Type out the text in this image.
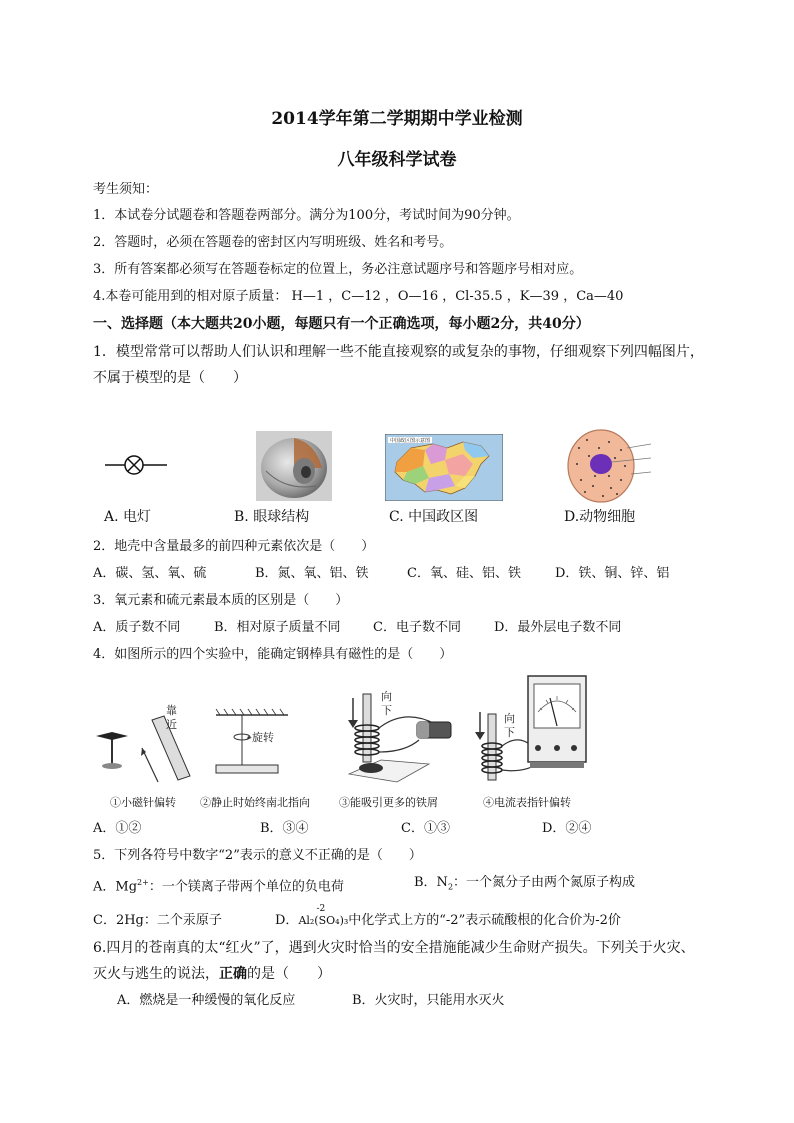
2014学年第二学期期中学业检测
八年级科学试卷
考生须知：
1．本试卷分试题卷和答题卷两部分。满分为100分，考试时间为90分钟。
2．答题时，必须在答题卷的密封区内写明班级、姓名和考号。
3．所有答案都必须写在答题卷标定的位置上，务必注意试题序号和答题序号相对应。
4.本卷可能用到的相对原子质量： H—1 ，C—12 ，O—16 ，Cl-35.5 ，K—39 ，Ca—40
一、选择题（本大题共20小题，每题只有一个正确选项，每小题2分，共40分）
1．模型常常可以帮助人们认识和理解一些不能直接观察的或复杂的事物，仔细观察下列四幅图片，
不属于模型的是（　　）
中国政区图示意图
A. 电灯	B. 眼球结构	C. 中国政区图	D.动物细胞
2．地壳中含量最多的前四种元素依次是（　　）
A．碳、氢、氧、硫	B．氮、氧、铝、铁	C．氧、硅、铝、铁	D．铁、铜、锌、铝
3．氧元素和硫元素最本质的区别是（　　）
A．质子数不同	B．相对原子质量不同 C．电子数不同	D．最外层电子数不同
4．如图所示的四个实验中，能确定钢棒具有磁性的是（　　）
靠
近
旋转
向
下
向
下
①小磁针偏转 ②静止时始终南北指向	③能吸引更多的铁屑	④电流表指针偏转
A．①②	B．③④	C．①③	D．②④
5．下列各符号中数字“2”表示的意义不正确的是（　　）
A．$Mg^{2+}$：一个镁离子带两个单位的负电荷	B．$N_2$：一个氮分子由两个氮原子构成
C．2Hg：二个汞原子	D．
-2
Al₂(SO₄)₃中化学式上方的“-2”表示硫酸根的化合价为-2价
6.四月的苍南真的太“红火”了，遇到火灾时恰当的安全措施能减少生命财产损失。下列关于火灾、
灭火与逃生的说法，正确的是（　　）
A．燃烧是一种缓慢的氧化反应	B．火灾时，只能用水灭火
